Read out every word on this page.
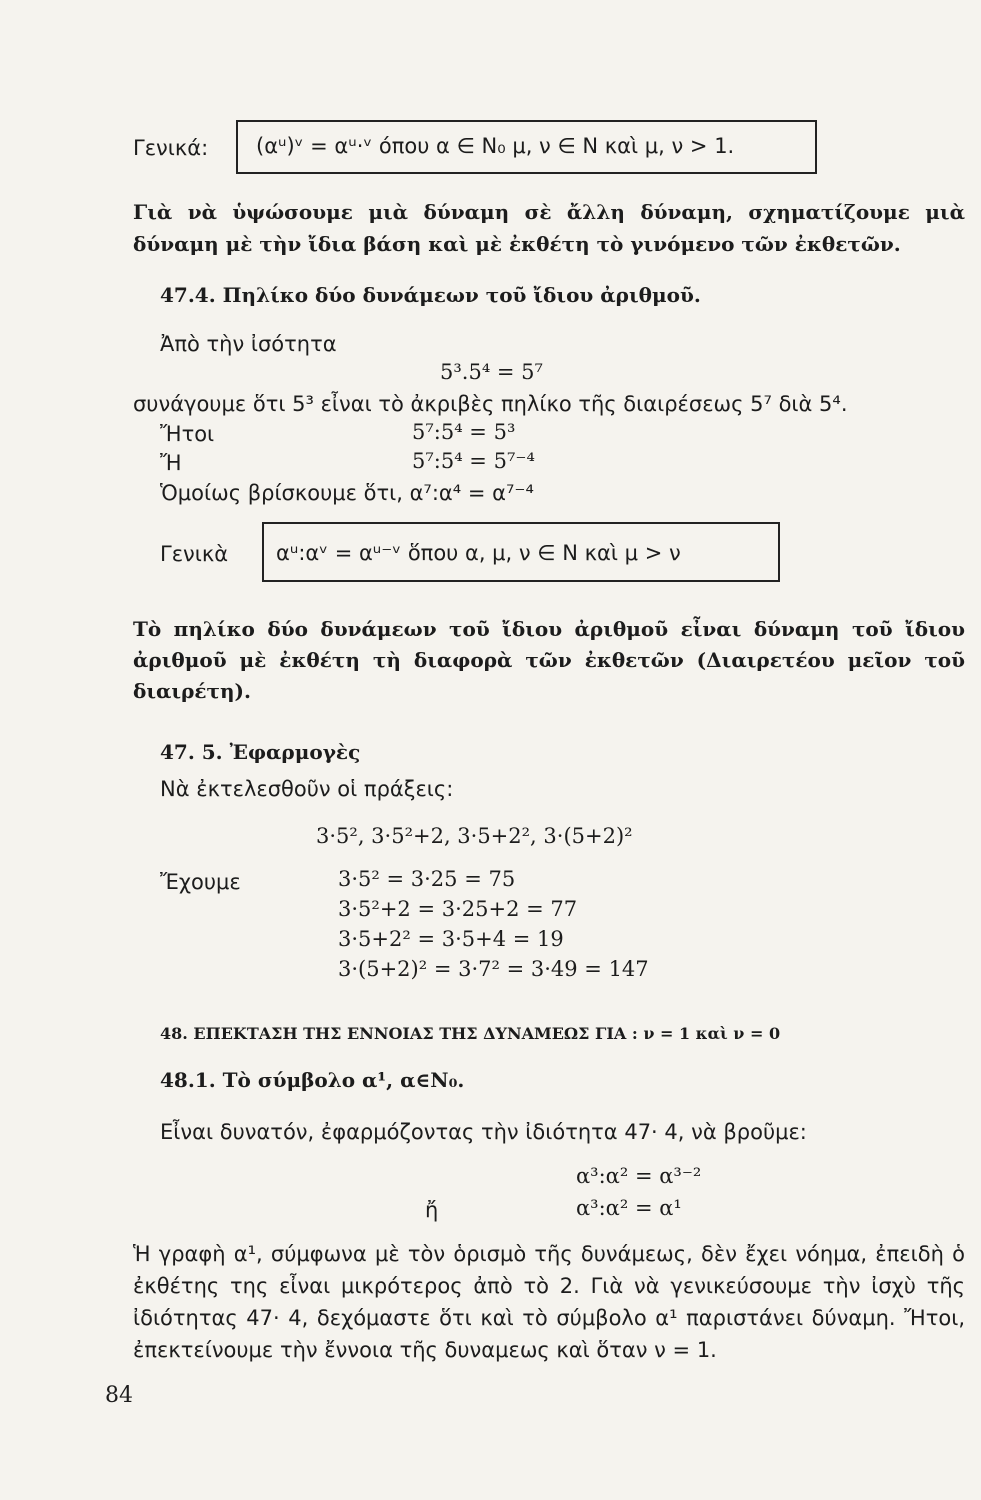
Γενικά: (αᵘ)ᵛ = αᵘ·ᵛ όπου α ∈ N₀ μ, ν ∈ N καὶ μ, ν > 1.
Γιὰ νὰ ὑψώσουμε μιὰ δύναμη σὲ ἄλλη δύναμη, σχηματίζουμε μιὰ δύναμη μὲ τὴν ἴδια βάση καὶ μὲ ἐκθέτη τὸ γινόμενο τῶν ἐκθετῶν.
47.4. Πηλίκο δύο δυνάμεων τοῦ ἴδιου ἀριθμοῦ.
Ἀπὸ τὴν ἰσότητα
5³.5⁴ = 5⁷
συνάγουμε ὅτι 5³ εἶναι τὸ ἀκριβὲς πηλίκο τῆς διαιρέσεως 5⁷ διὰ 5⁴.
Ἤτοι	5⁷:5⁴ = 5³
Ἤ	5⁷:5⁴ = 5⁷⁻⁴
Ὁμοίως βρίσκουμε ὅτι, α⁷:α⁴ = α⁷⁻⁴
Γενικὰ αᵘ:αᵛ = αᵘ⁻ᵛ ὅπου α, μ, ν ∈ N καὶ μ > ν
Τὸ πηλίκο δύο δυνάμεων τοῦ ἴδιου ἀριθμοῦ εἶναι δύναμη τοῦ ἴδιου ἀριθμοῦ μὲ ἐκθέτη τὴ διαφορὰ τῶν ἐκθετῶν (Διαιρετέου μεῖον τοῦ διαιρέτη).
47. 5. Ἐφαρμογὲς
Νὰ ἐκτελεσθοῦν οἱ πράξεις:
3·5², 3·5²+2, 3·5+2², 3·(5+2)²
Ἔχουμε	3·5² = 3·25 = 75
3·5²+2 = 3·25+2 = 77
3·5+2² = 3·5+4 = 19
3·(5+2)² = 3·7² = 3·49 = 147
48. ΕΠΕΚΤΑΣΗ ΤΗΣ ΕΝΝΟΙΑΣ ΤΗΣ ΔΥΝΑΜΕΩΣ ΓΙΑ : ν = 1 καὶ ν = 0
48.1. Τὸ σύμβολο α¹, α∈N₀.
Εἶναι δυνατόν, ἐφαρμόζοντας τὴν ἰδιότητα 47· 4, νὰ βροῦμε:
α³:α² = α³⁻²
ἤ	α³:α² = α¹
Ἡ γραφὴ α¹, σύμφωνα μὲ τὸν ὁρισμὸ τῆς δυνάμεως, δὲν ἔχει νόημα, ἐπειδὴ ὁ ἐκθέτης της εἶναι μικρότερος ἀπὸ τὸ 2. Γιὰ νὰ γενικεύσουμε τὴν ἰσχὺ τῆς ἰδιότητας 47· 4, δεχόμαστε ὅτι καὶ τὸ σύμβολο α¹ παριστάνει δύναμη. Ἤτοι, ἐπεκτείνουμε τὴν ἔννοια τῆς δυναμεως καὶ ὅταν ν = 1.
84
